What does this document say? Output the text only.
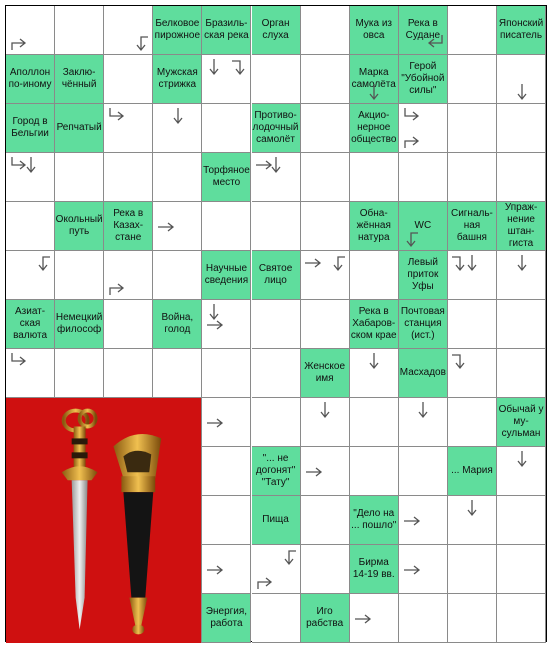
Белковое пирожное
Бразиль-ская река
Орган слуха
Мука из овса
Река в Судане
Японский писатель
Аполлон по-иному
Заклю-чённый
Мужская стрижка
Марка самолёта
Герой "Убойной силы"
Город в Бельгии
Репчатый
Противо-лодочный самолёт
Акцио-нерное общество
Торфяное место
Окольный путь
Река в Казах-стане
Обна-жённая натура
WC
Сигналь-ная башня
Упраж-нение штан-гиста
Научные сведения
Святое лицо
Левый приток Уфы
Азиат-ская валюта
Немецкий философ
Война, голод
Река в Хабаров-ском крае
Почтовая станция (ист.)
Женское имя
Масхадов
Обычай у му-сульман
"... не догонят" "Тату"
... Мария
Пища
"Дело на ... пошло"
Бирма 14-19 вв.
Энергия, работа
Иго рабства
